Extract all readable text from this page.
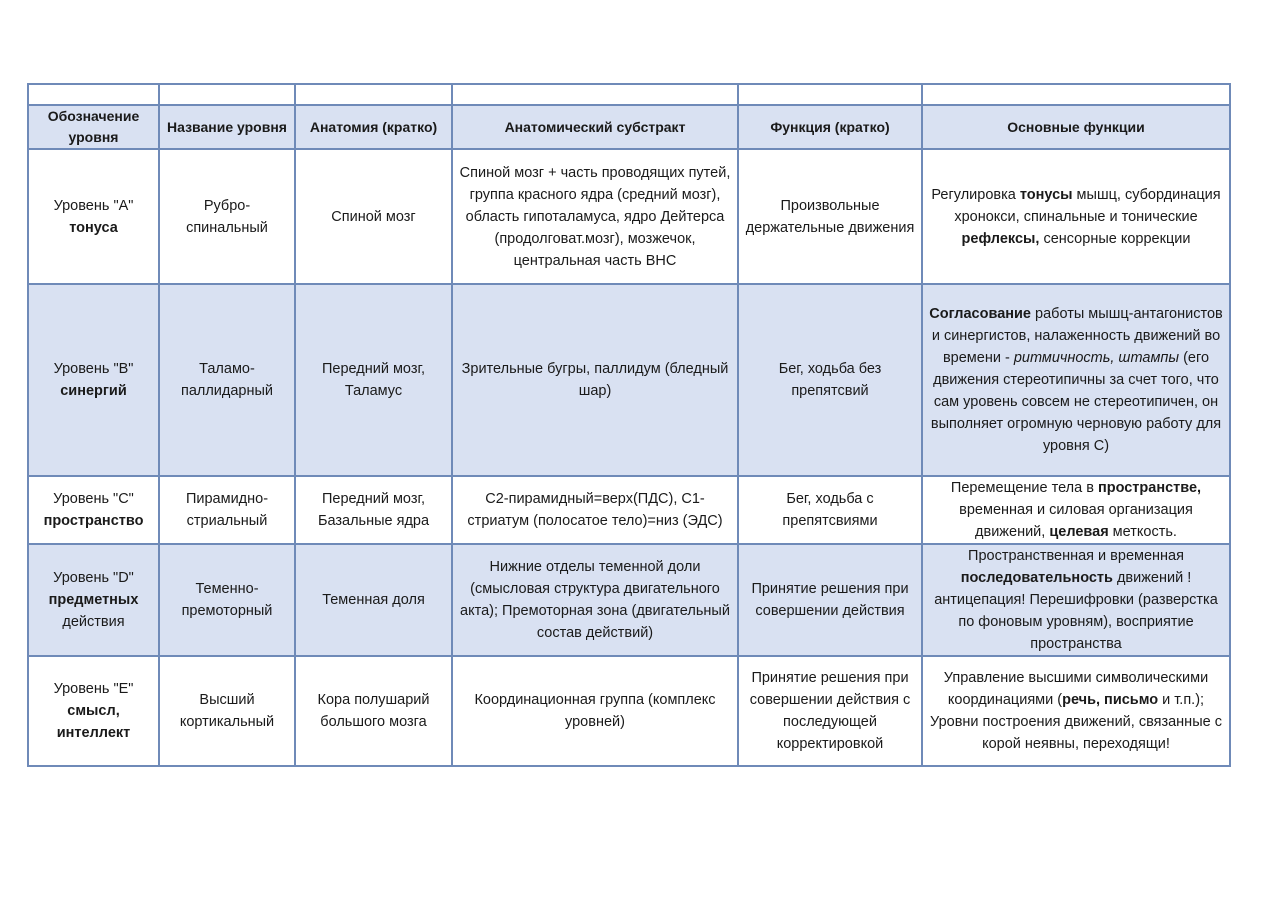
Обозначение уровня	Название уровня	Анатомия (кратко)	Анатомический субстракт	Функция (кратко)	Основные функции
Уровень "А"
тонуса	Рубро-спинальный	Спиной мозг	Спиной мозг + часть проводящих путей, группа красного ядра (средний мозг), область гипоталамуса, ядро Дейтерса (продолговат.мозг), мозжечок, центральная часть ВНС	Произвольные держательные движения	Регулировка тонусы мышц, субординация хронокси, спинальные и тонические рефлексы, сенсорные коррекции
Уровень "В"
синергий	Таламо-паллидарный	Передний мозг, Таламус	Зрительные бугры, паллидум (бледный шар)	Бег, ходьба без препятсвий	Согласование работы мышц-антагонистов и синергистов, налаженность движений во времени - ритмичность, штампы (его движения стереотипичны за счет того, что сам уровень совсем не стереотипичен, он выполняет огромную черновую работу для уровня С)
Уровень "С"
пространство	Пирамидно-стриальный	Передний мозг, Базальные ядра	С2-пирамидный=верх(ПДС), С1-стриатум (полосатое тело)=низ (ЭДС)	Бег, ходьба с препятсвиями	Перемещение тела в пространстве, временная и силовая организация движений, целевая меткость.
Уровень "D"
предметных
действия	Теменно-премоторный	Теменная доля	Нижние отделы теменной доли (смысловая структура двигательного акта); Премоторная зона (двигательный состав действий)	Принятие решения при совершении действия	Пространственная и временная последовательность движений !антицепация! Перешифровки (разверстка по фоновым уровням), восприятие пространства
Уровень "Е"
смысл, интеллект	Высший кортикальный	Кора полушарий большого мозга	Координационная группа (комплекс уровней)	Принятие решения при совершении действия с последующей корректировкой	Управление высшими символическими координациями (речь, письмо и т.п.); Уровни построения движений, связанные с корой неявны, переходящи!
